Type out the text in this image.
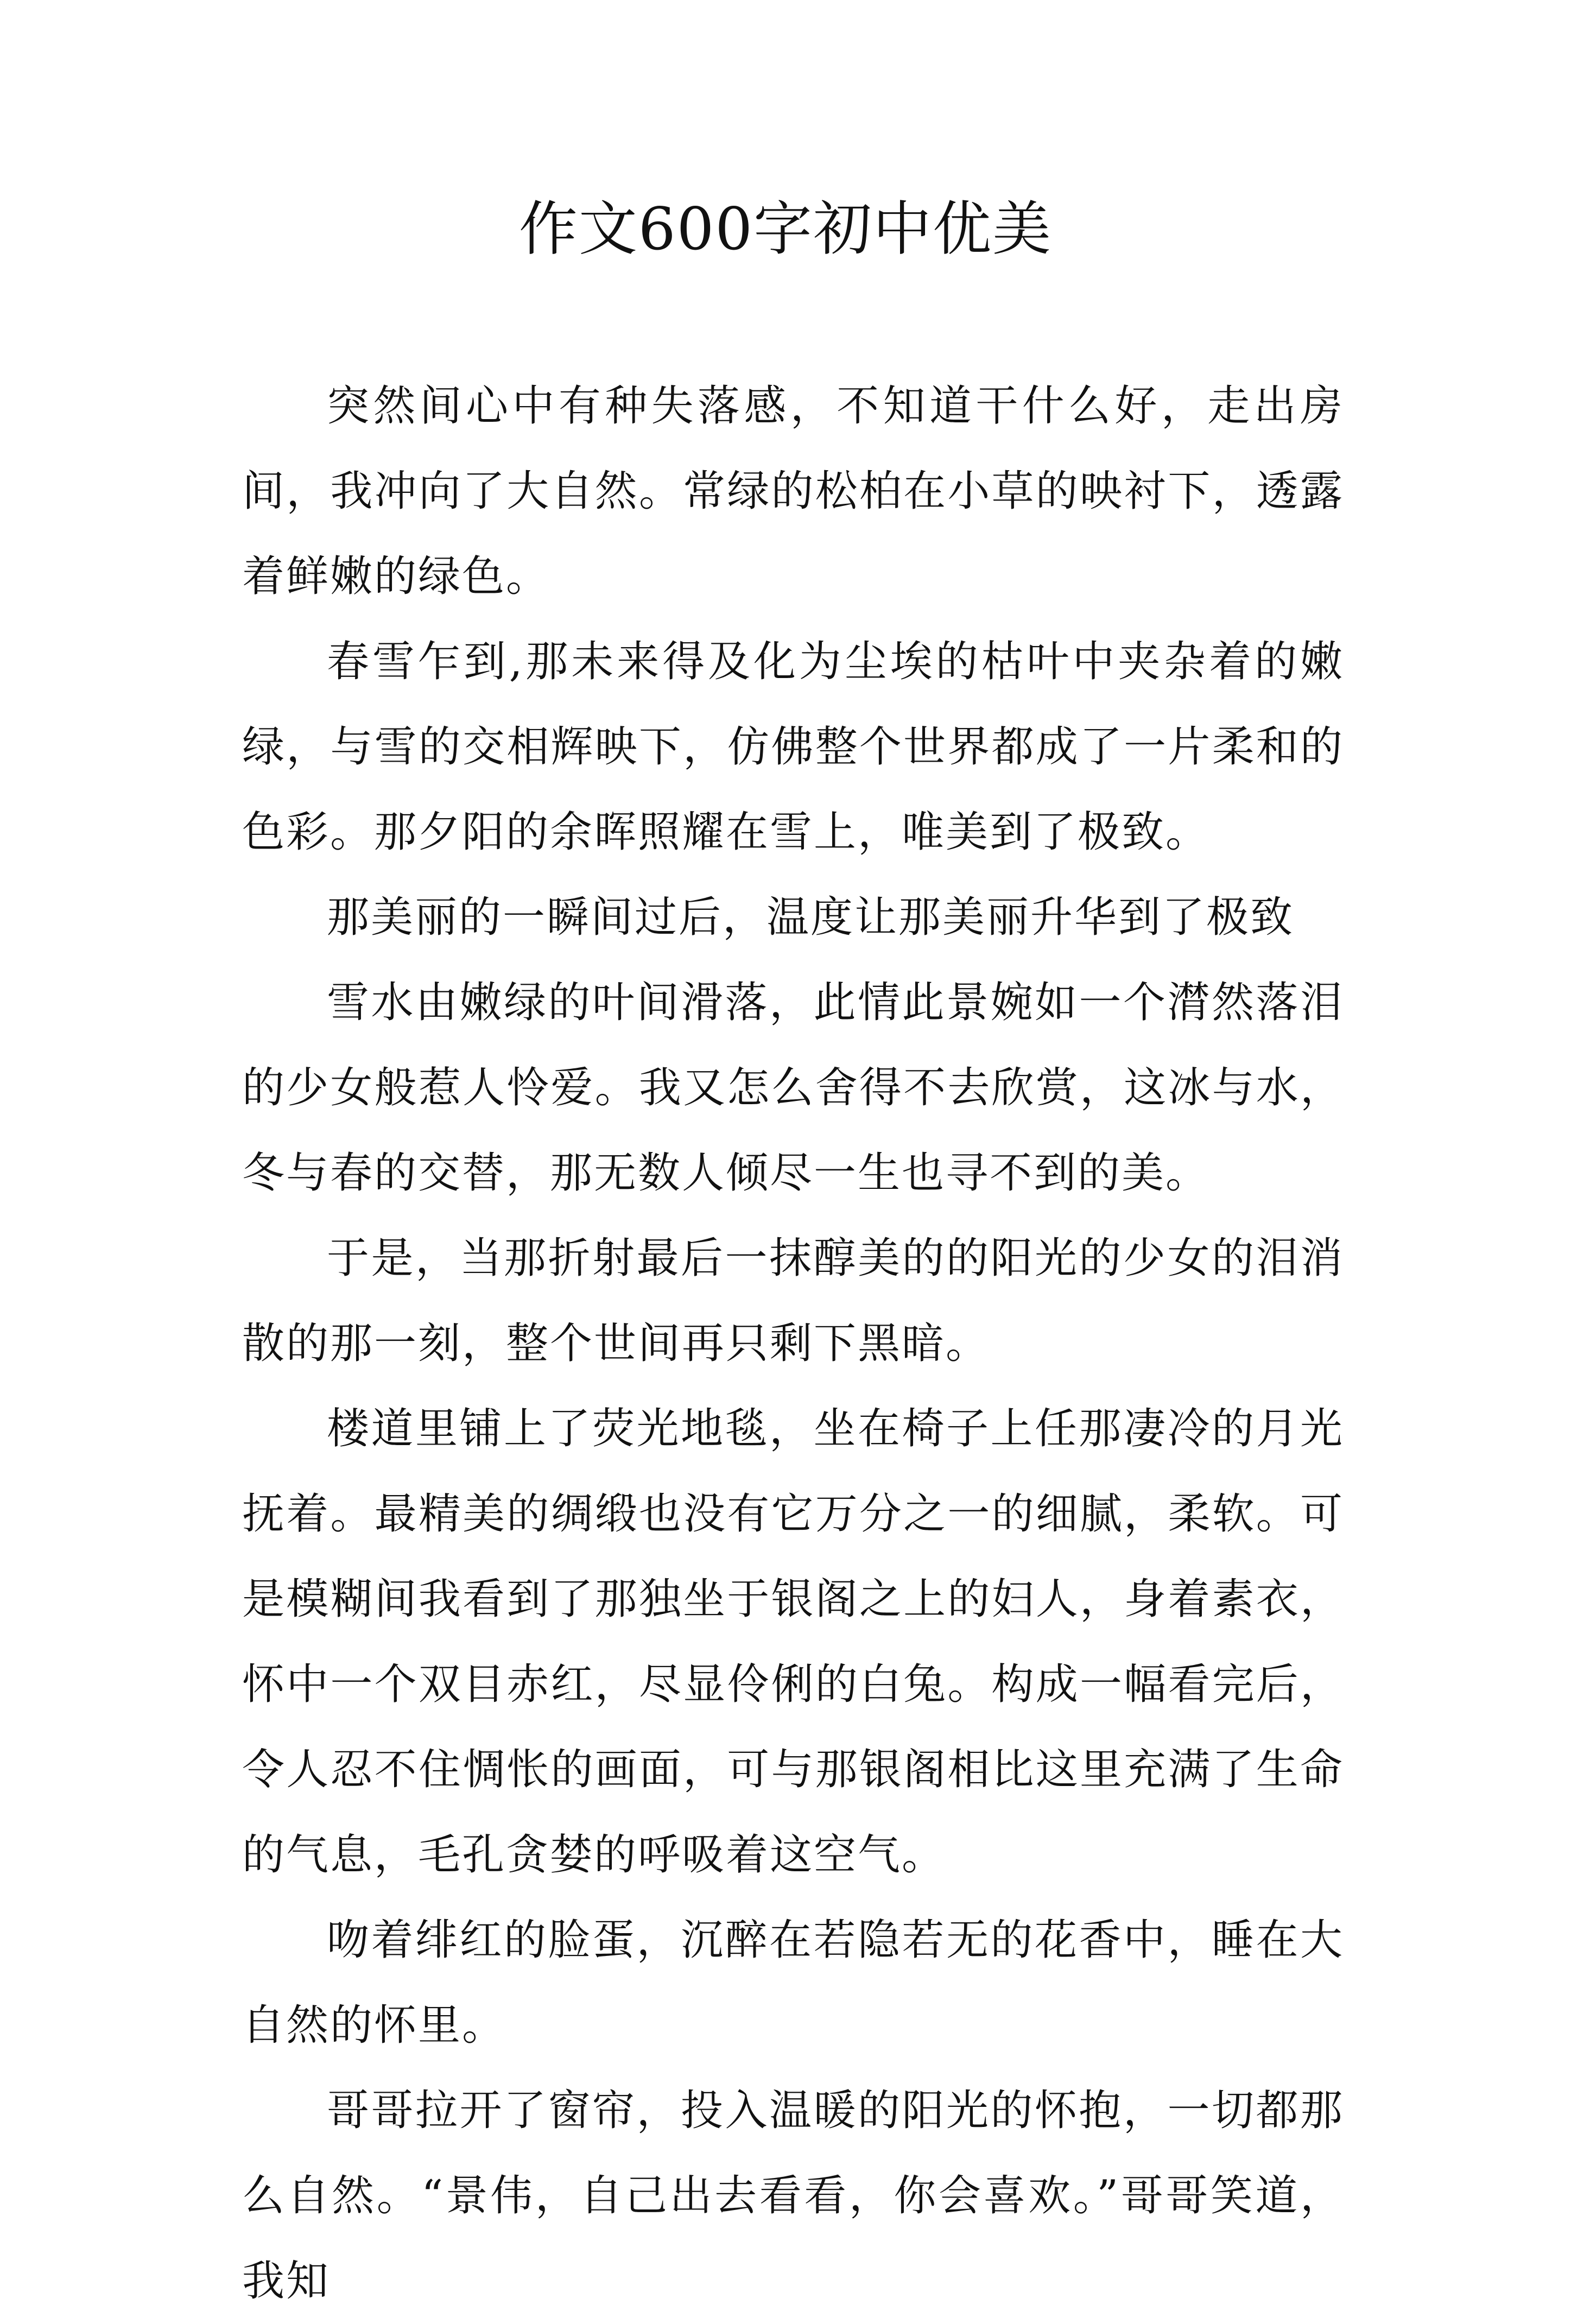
作文600字初中优美

突然间心中有种失落感，不知道干什么好，走出房间，我冲向了大自然。常绿的松柏在小草的映衬下，透露着鲜嫩的绿色。

春雪乍到,那未来得及化为尘埃的枯叶中夹杂着的嫩绿，与雪的交相辉映下，仿佛整个世界都成了一片柔和的色彩。那夕阳的余晖照耀在雪上，唯美到了极致。

那美丽的一瞬间过后，温度让那美丽升华到了极致

雪水由嫩绿的叶间滑落，此情此景婉如一个潸然落泪的少女般惹人怜爱。我又怎么舍得不去欣赏，这冰与水，冬与春的交替，那无数人倾尽一生也寻不到的美。

于是，当那折射最后一抹醇美的的阳光的少女的泪消散的那一刻，整个世间再只剩下黑暗。

楼道里铺上了荧光地毯，坐在椅子上任那凄冷的月光抚着。最精美的绸缎也没有它万分之一的细腻，柔软。可是模糊间我看到了那独坐于银阁之上的妇人，身着素衣，怀中一个双目赤红，尽显伶俐的白兔。构成一幅看完后，令人忍不住惆怅的画面，可与那银阁相比这里充满了生命的气息，毛孔贪婪的呼吸着这空气。

吻着绯红的脸蛋，沉醉在若隐若无的花香中，睡在大自然的怀里。

哥哥拉开了窗帘，投入温暖的阳光的怀抱，一切都那么自然。“景伟，自己出去看看，你会喜欢。”哥哥笑道，我知
